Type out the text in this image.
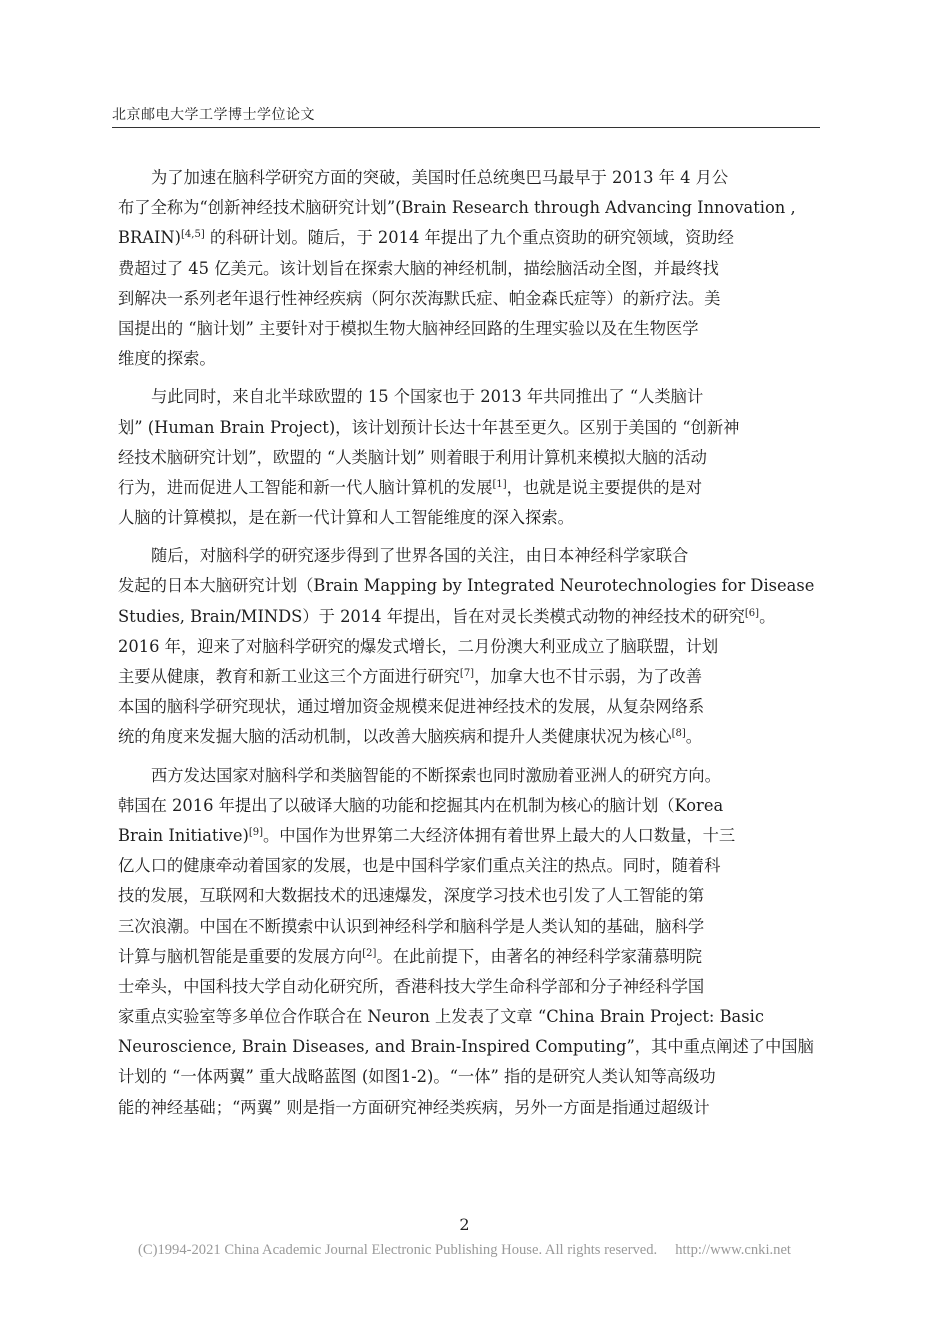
北京邮电大学工学博士学位论文
为了加速在脑科学研究方面的突破，美国时任总统奥巴马最早于 2013 年 4 月公
布了全称为“创新神经技术脑研究计划”(Brain Research through Advancing Innovation ,
BRAIN)[4,5] 的科研计划。随后，于 2014 年提出了九个重点资助的研究领域，资助经
费超过了 45 亿美元。该计划旨在探索大脑的神经机制，描绘脑活动全图，并最终找
到解决一系列老年退行性神经疾病（阿尔茨海默氏症、帕金森氏症等）的新疗法。美
国提出的 “脑计划” 主要针对于模拟生物大脑神经回路的生理实验以及在生物医学
维度的探索。
与此同时，来自北半球欧盟的 15 个国家也于 2013 年共同推出了 “人类脑计
划” (Human Brain Project)，该计划预计长达十年甚至更久。区别于美国的 “创新神
经技术脑研究计划”，欧盟的 “人类脑计划” 则着眼于利用计算机来模拟大脑的活动
行为，进而促进人工智能和新一代人脑计算机的发展[1]，也就是说主要提供的是对
人脑的计算模拟，是在新一代计算和人工智能维度的深入探索。
随后，对脑科学的研究逐步得到了世界各国的关注，由日本神经科学家联合
发起的日本大脑研究计划（Brain Mapping by Integrated Neurotechnologies for Disease
Studies, Brain/MINDS）于 2014 年提出，旨在对灵长类模式动物的神经技术的研究[6]。
2016 年，迎来了对脑科学研究的爆发式增长，二月份澳大利亚成立了脑联盟，计划
主要从健康，教育和新工业这三个方面进行研究[7]，加拿大也不甘示弱，为了改善
本国的脑科学研究现状，通过增加资金规模来促进神经技术的发展，从复杂网络系
统的角度来发掘大脑的活动机制，以改善大脑疾病和提升人类健康状况为核心[8]。
西方发达国家对脑科学和类脑智能的不断探索也同时激励着亚洲人的研究方向。
韩国在 2016 年提出了以破译大脑的功能和挖掘其内在机制为核心的脑计划（Korea
Brain Initiative)[9]。中国作为世界第二大经济体拥有着世界上最大的人口数量，十三
亿人口的健康牵动着国家的发展，也是中国科学家们重点关注的热点。同时，随着科
技的发展，互联网和大数据技术的迅速爆发，深度学习技术也引发了人工智能的第
三次浪潮。中国在不断摸索中认识到神经科学和脑科学是人类认知的基础，脑科学
计算与脑机智能是重要的发展方向[2]。在此前提下，由著名的神经科学家蒲慕明院
士牵头，中国科技大学自动化研究所，香港科技大学生命科学部和分子神经科学国
家重点实验室等多单位合作联合在 Neuron 上发表了文章 “China Brain Project: Basic
Neuroscience, Brain Diseases, and Brain-Inspired Computing”，其中重点阐述了中国脑
计划的 “一体两翼” 重大战略蓝图 (如图1-2)。“一体” 指的是研究人类认知等高级功
能的神经基础；“两翼” 则是指一方面研究神经类疾病，另外一方面是指通过超级计
2
(C)1994-2021 China Academic Journal Electronic Publishing House. All rights reserved. http://www.cnki.net
